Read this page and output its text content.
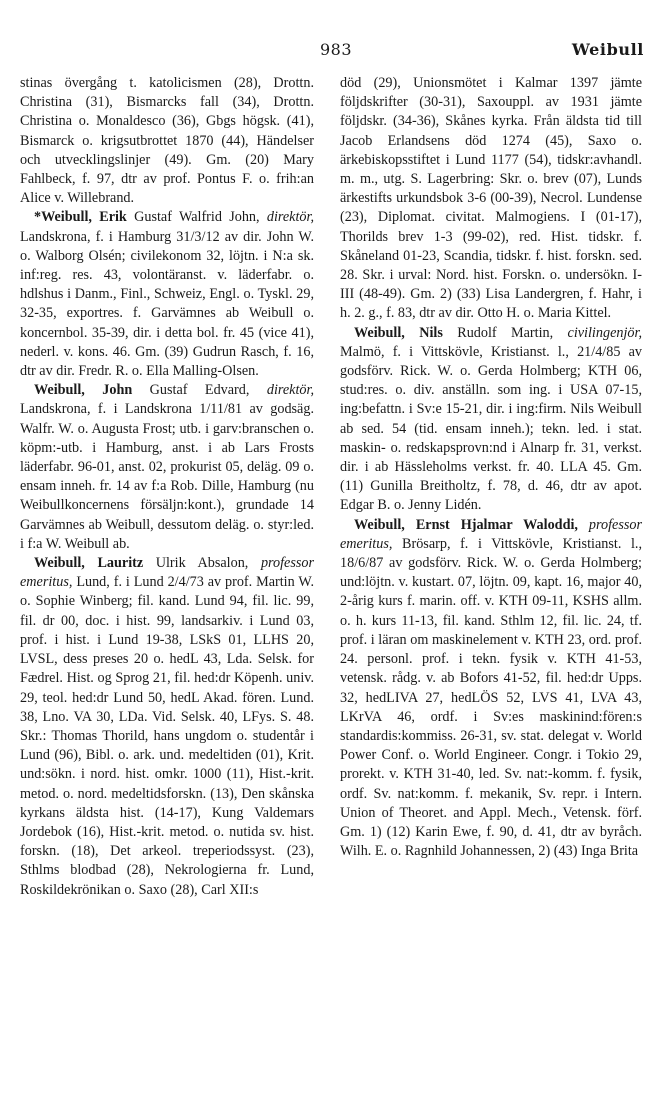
983	Weibull

stinas övergång t. katolicismen (28), Drottn. Christina (31), Bismarcks fall (34), Drottn. Christina o. Monaldesco (36), Gbgs högsk. (41), Bismarck o. krigsutbrottet 1870 (44), Händelser och utvecklingslinjer (49). Gm. (20) Mary Fahlbeck, f. 97, dtr av prof. Pontus F. o. frih:an Alice v. Willebrand.

*Weibull, Erik Gustaf Walfrid John, direktör, Landskrona, f. i Hamburg 31/3/12 av dir. John W. o. Walborg Olsén; civilekonom 32, löjtn. i N:a sk. inf:reg. res. 43, volontäranst. v. läderfabr. o. hdlshus i Danm., Finl., Schweiz, Engl. o. Tyskl. 29, 32-35, exportres. f. Garvämnes ab Weibull o. koncernbol. 35-39, dir. i detta bol. fr. 45 (vice 41), nederl. v. kons. 46. Gm. (39) Gudrun Rasch, f. 16, dtr av dir. Fredr. R. o. Ella Malling-Olsen.

Weibull, John Gustaf Edvard, direktör, Landskrona, f. i Landskrona 1/11/81 av godsäg. Walfr. W. o. Augusta Frost; utb. i garv:branschen o. köpm:-utb. i Hamburg, anst. i ab Lars Frosts läderfabr. 96-01, anst. 02, prokurist 05, deläg. 09 o. ensam inneh. fr. 14 av f:a Rob. Dille, Hamburg (nu Weibullkoncernens försäljn:kont.), grundade 14 Garvämnes ab Weibull, dessutom deläg. o. styr:led. i f:a W. Weibull ab.

Weibull, Lauritz Ulrik Absalon, professor emeritus, Lund, f. i Lund 2/4/73 av prof. Martin W. o. Sophie Winberg; fil. kand. Lund 94, fil. lic. 99, fil. dr 00, doc. i hist. 99, landsarkiv. i Lund 03, prof. i hist. i Lund 19-38, LSkS 01, LLHS 20, LVSL, dess preses 20 o. hedL 43, Lda. Selsk. for Fædrel. Hist. og Sprog 21, fil. hed:dr Köpenh. univ. 29, teol. hed:dr Lund 50, hedL Akad. fören. Lund. 38, Lno. VA 30, LDa. Vid. Selsk. 40, LFys. S. 48. Skr.: Thomas Thorild, hans ungdom o. studentår i Lund (96), Bibl. o. ark. und. medeltiden (01), Krit. und:sökn. i nord. hist. omkr. 1000 (11), Hist.-krit. metod. o. nord. medeltidsforskn. (13), Den skånska kyrkans äldsta hist. (14-17), Kung Valdemars Jordebok (16), Hist.-krit. metod. o. nutida sv. hist. forskn. (18), Det arkeol. treperiodssyst. (23), Sthlms blodbad (28), Nekrologierna fr. Lund, Roskildekrönikan o. Saxo (28), Carl XII:s

död (29), Unionsmötet i Kalmar 1397 jämte följdskrifter (30-31), Saxouppl. av 1931 jämte följdskr. (34-36), Skånes kyrka. Från äldsta tid till Jacob Erlandsens död 1274 (45), Saxo o. ärkebiskopsstiftet i Lund 1177 (54), tidskr:avhandl. m. m., utg. S. Lagerbring: Skr. o. brev (07), Lunds ärkestifts urkundsbok 3-6 (00-39), Necrol. Lundense (23), Diplomat. civitat. Malmogiens. I (01-17), Thorilds brev 1-3 (99-02), red. Hist. tidskr. f. Skåneland 01-23, Scandia, tidskr. f. hist. forskn. sed. 28. Skr. i urval: Nord. hist. Forskn. o. undersökn. I-III (48-49). Gm. 2) (33) Lisa Landergren, f. Hahr, i h. 2. g., f. 83, dtr av dir. Otto H. o. Maria Kittel.

Weibull, Nils Rudolf Martin, civilingenjör, Malmö, f. i Vittskövle, Kristianst. l., 21/4/85 av godsförv. Rick. W. o. Gerda Holmberg; KTH 06, stud:res. o. div. anställn. som ing. i USA 07-15, ing:befattn. i Sv:e 15-21, dir. i ing:firm. Nils Weibull ab sed. 54 (tid. ensam inneh.); tekn. led. i stat. maskin- o. redskapsprovn:nd i Alnarp fr. 31, verkst. dir. i ab Hässleholms verkst. fr. 40. LLA 45. Gm. (11) Gunilla Breitholtz, f. 78, d. 46, dtr av apot. Edgar B. o. Jenny Lidén.

Weibull, Ernst Hjalmar Waloddi, professor emeritus, Brösarp, f. i Vittskövle, Kristianst. l., 18/6/87 av godsförv. Rick. W. o. Gerda Holmberg; und:löjtn. v. kustart. 07, löjtn. 09, kapt. 16, major 40, 2-årig kurs f. marin. off. v. KTH 09-11, KSHS allm. o. h. kurs 11-13, fil. kand. Sthlm 12, fil. lic. 24, tf. prof. i läran om maskinelement v. KTH 23, ord. prof. 24. personl. prof. i tekn. fysik v. KTH 41-53, vetensk. rådg. v. ab Bofors 41-52, fil. hed:dr Upps. 32, hedLIVA 27, hedLÖS 52, LVS 41, LVA 43, LKrVA 46, ordf. i Sv:es maskinind:fören:s standardis:kommiss. 26-31, sv. stat. delegat v. World Power Conf. o. World Engineer. Congr. i Tokio 29, prorekt. v. KTH 31-40, led. Sv. nat:-komm. f. fysik, ordf. Sv. nat:komm. f. mekanik, Sv. repr. i Intern. Union of Theoret. and Appl. Mech., Vetensk. förf. Gm. 1) (12) Karin Ewe, f. 90, d. 41, dtr av byråch. Wilh. E. o. Ragnhild Johannessen, 2) (43) Inga Brita
